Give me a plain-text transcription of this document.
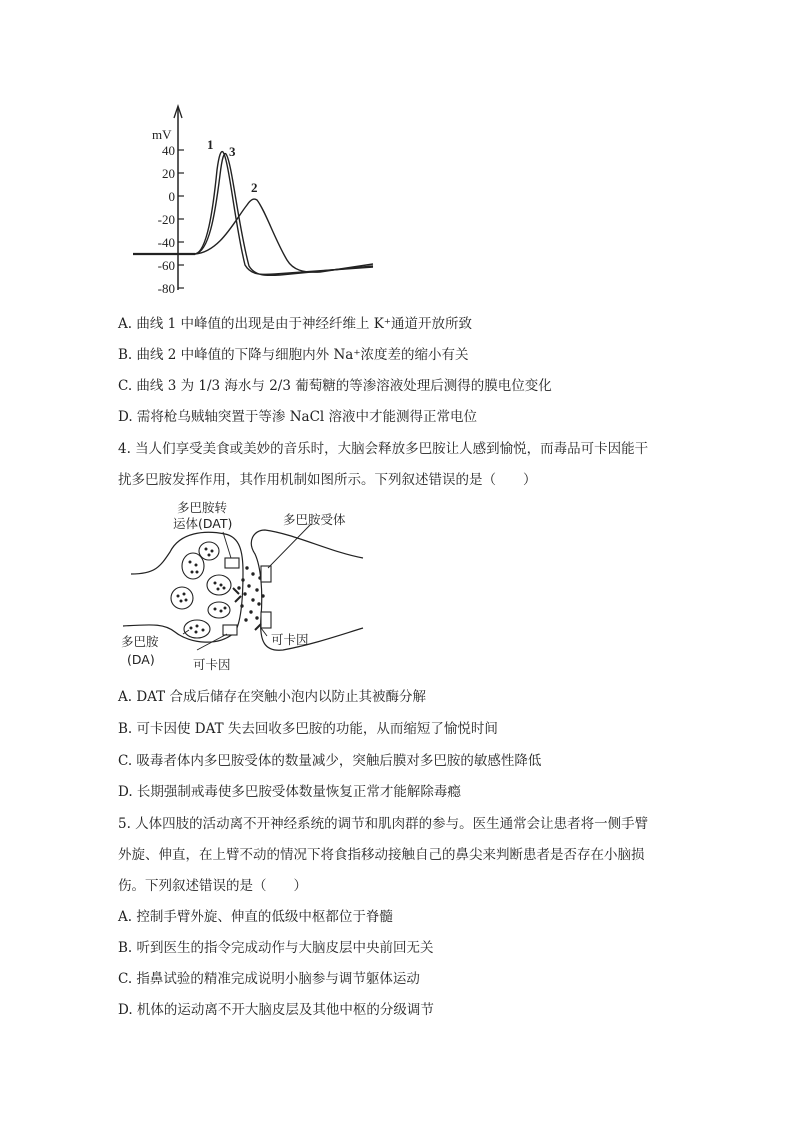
mV
40
20
0
-20
-40
-60
-80
1 3
2
A. 曲线 1 中峰值的出现是由于神经纤维上 K⁺通道开放所致
B. 曲线 2 中峰值的下降与细胞内外 Na⁺浓度差的缩小有关
C. 曲线 3 为 1/3 海水与 2/3 葡萄糖的等渗溶液处理后测得的膜电位变化
D. 需将枪乌贼轴突置于等渗 NaCl 溶液中才能测得正常电位
4. 当人们享受美食或美妙的音乐时，大脑会释放多巴胺让人感到愉悦，而毒品可卡因能干
扰多巴胺发挥作用，其作用机制如图所示。下列叙述错误的是（　　）
多巴胺转
运体(DAT)	多巴胺受体
多巴胺
(DA)	可卡因
可卡因
A. DAT 合成后储存在突触小泡内以防止其被酶分解
B. 可卡因使 DAT 失去回收多巴胺的功能，从而缩短了愉悦时间
C. 吸毒者体内多巴胺受体的数量减少，突触后膜对多巴胺的敏感性降低
D. 长期强制戒毒使多巴胺受体数量恢复正常才能解除毒瘾
5. 人体四肢的活动离不开神经系统的调节和肌肉群的参与。医生通常会让患者将一侧手臂
外旋、伸直，在上臂不动的情况下将食指移动接触自己的鼻尖来判断患者是否存在小脑损
伤。下列叙述错误的是（　　）
A. 控制手臂外旋、伸直的低级中枢都位于脊髓
B. 听到医生的指令完成动作与大脑皮层中央前回无关
C. 指鼻试验的精准完成说明小脑参与调节躯体运动
D. 机体的运动离不开大脑皮层及其他中枢的分级调节
